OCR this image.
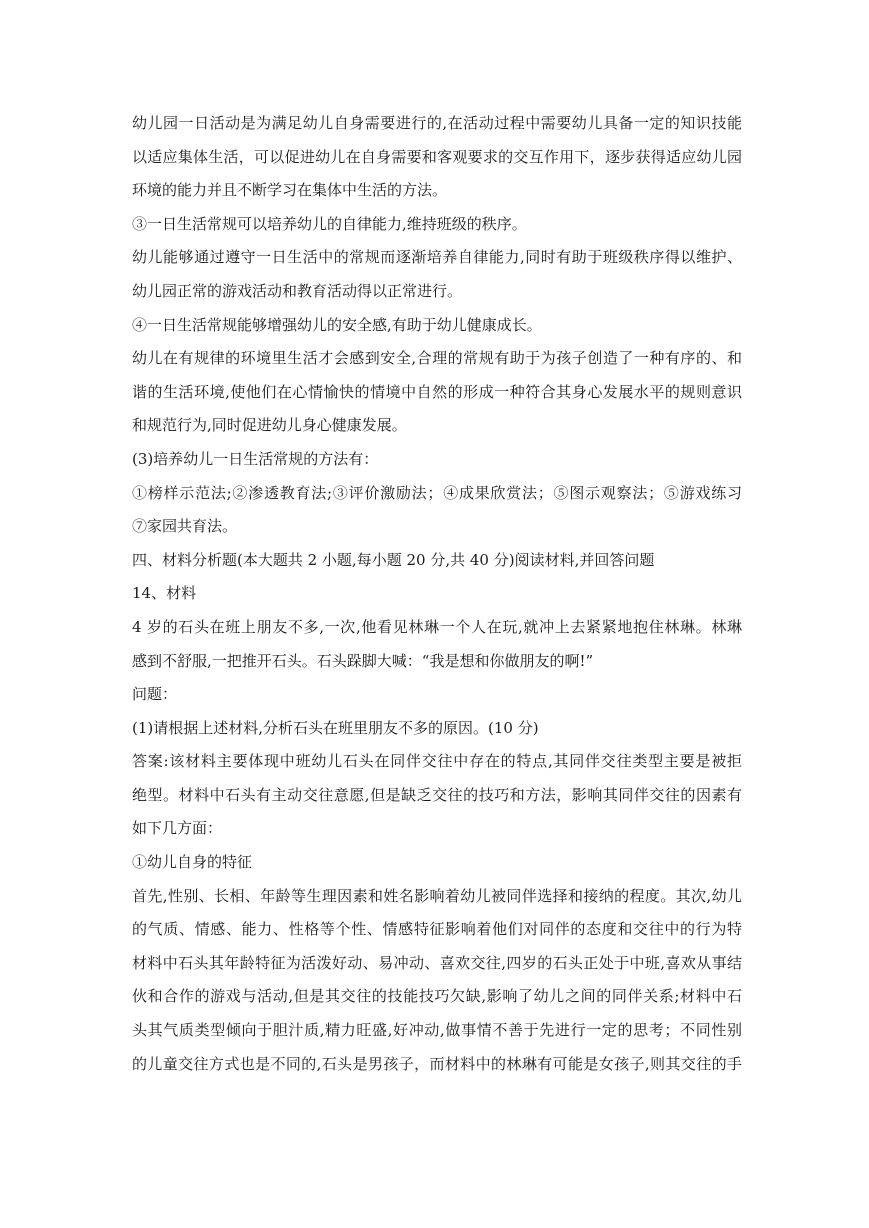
幼儿园一日活动是为满足幼儿自身需要进行的,在活动过程中需要幼儿具备一定的知识技能
以适应集体生活，可以促进幼儿在自身需要和客观要求的交互作用下，逐步获得适应幼儿园
环境的能力并且不断学习在集体中生活的方法。
③一日生活常规可以培养幼儿的自律能力,维持班级的秩序。
幼儿能够通过遵守一日生活中的常规而逐渐培养自律能力,同时有助于班级秩序得以维护、
幼儿园正常的游戏活动和教育活动得以正常进行。
④一日生活常规能够增强幼儿的安全感,有助于幼儿健康成长。
幼儿在有规律的环境里生活才会感到安全,合理的常规有助于为孩子创造了一种有序的、和
谐的生活环境,使他们在心情愉快的情境中自然的形成一种符合其身心发展水平的规则意识
和规范行为,同时促进幼儿身心健康发展。
(3)培养幼儿一日生活常规的方法有：
①榜样示范法;②渗透教育法;③评价激励法；④成果欣赏法；⑤图示观察法；⑤游戏练习
⑦家园共育法。
四、材料分析题(本大题共 2 小题,每小题 20 分,共 40 分)阅读材料,并回答问题
14、材料
4 岁的石头在班上朋友不多,一次,他看见林琳一个人在玩,就冲上去紧紧地抱住林琳。林琳
感到不舒服,一把推开石头。石头跺脚大喊：“我是想和你做朋友的啊!”
问题：
(1)请根据上述材料,分析石头在班里朋友不多的原因。(10 分)
答案:该材料主要体现中班幼儿石头在同伴交往中存在的特点,其同伴交往类型主要是被拒
绝型。材料中石头有主动交往意愿,但是缺乏交往的技巧和方法，影响其同伴交往的因素有
如下几方面：
①幼儿自身的特征
首先,性别、长相、年龄等生理因素和姓名影响着幼儿被同伴选择和接纳的程度。其次,幼儿
的气质、情感、能力、性格等个性、情感特征影响着他们对同伴的态度和交往中的行为特
材料中石头其年龄特征为活泼好动、易冲动、喜欢交往,四岁的石头正处于中班,喜欢从事结
伙和合作的游戏与活动,但是其交往的技能技巧欠缺,影响了幼儿之间的同伴关系;材料中石
头其气质类型倾向于胆汁质,精力旺盛,好冲动,做事情不善于先进行一定的思考；不同性别
的儿童交往方式也是不同的,石头是男孩子，而材料中的林琳有可能是女孩子,则其交往的手
